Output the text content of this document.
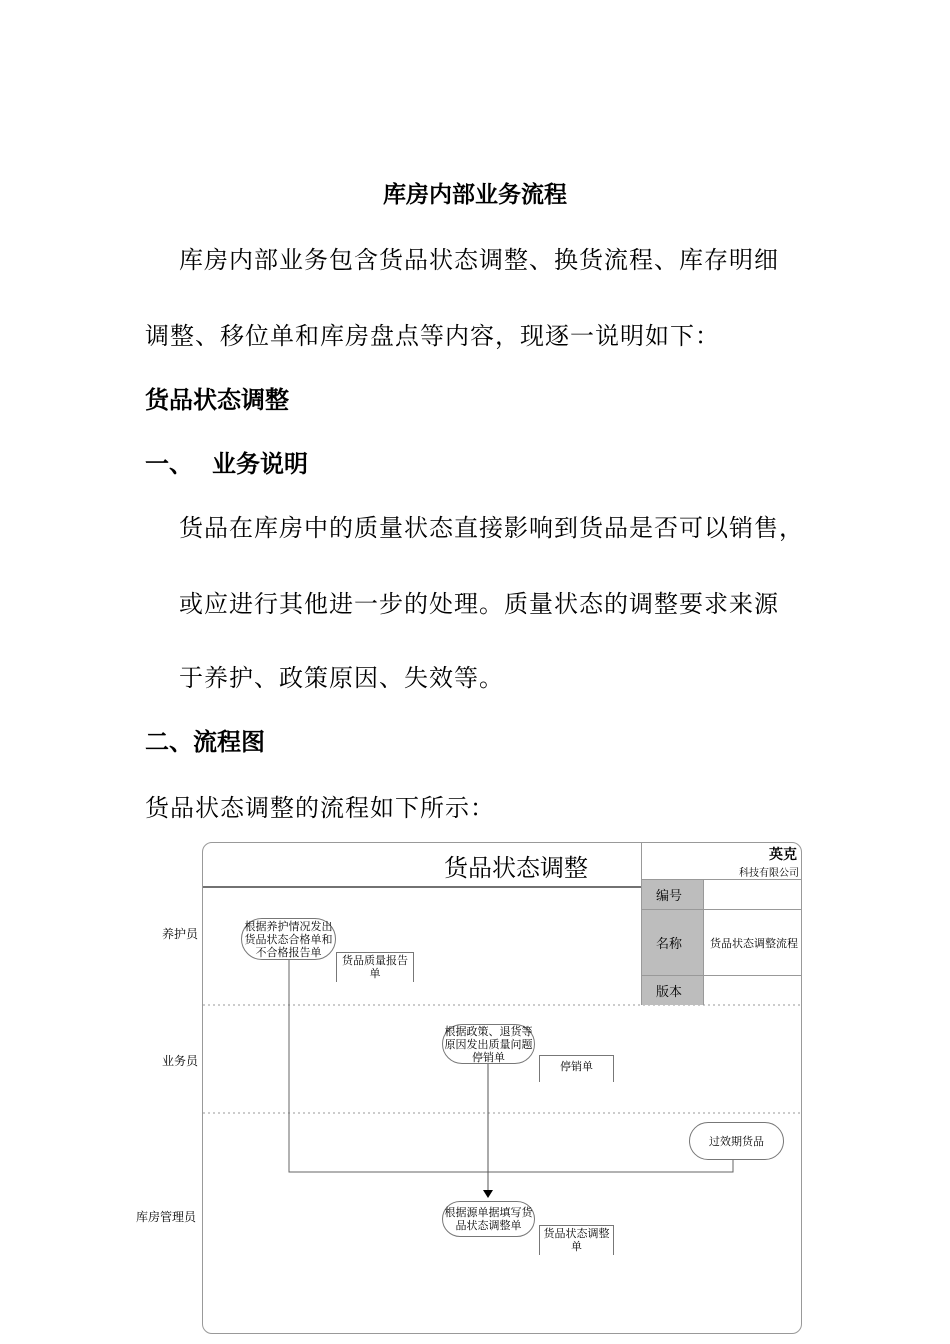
库房内部业务流程
库房内部业务包含货品状态调整、换货流程、库存明细
调整、移位单和库房盘点等内容，现逐一说明如下：
货品状态调整
一、 业务说明
货品在库房中的质量状态直接影响到货品是否可以销售，
或应进行其他进一步的处理。质量状态的调整要求来源
于养护、政策原因、失效等。
二、流程图
货品状态调整的流程如下所示：
养护员
业务员
库房管理员
货品状态调整	英克
科技有限公司
编号
名称	货品状态调整流程
版本
根据养护情况发出货品状态合格单和不合格报告单
货品质量报告单
根据政策、退货等原因发出质量问题停销单
停销单
过效期货品
根据源单据填写货品状态调整单
货品状态调整单
